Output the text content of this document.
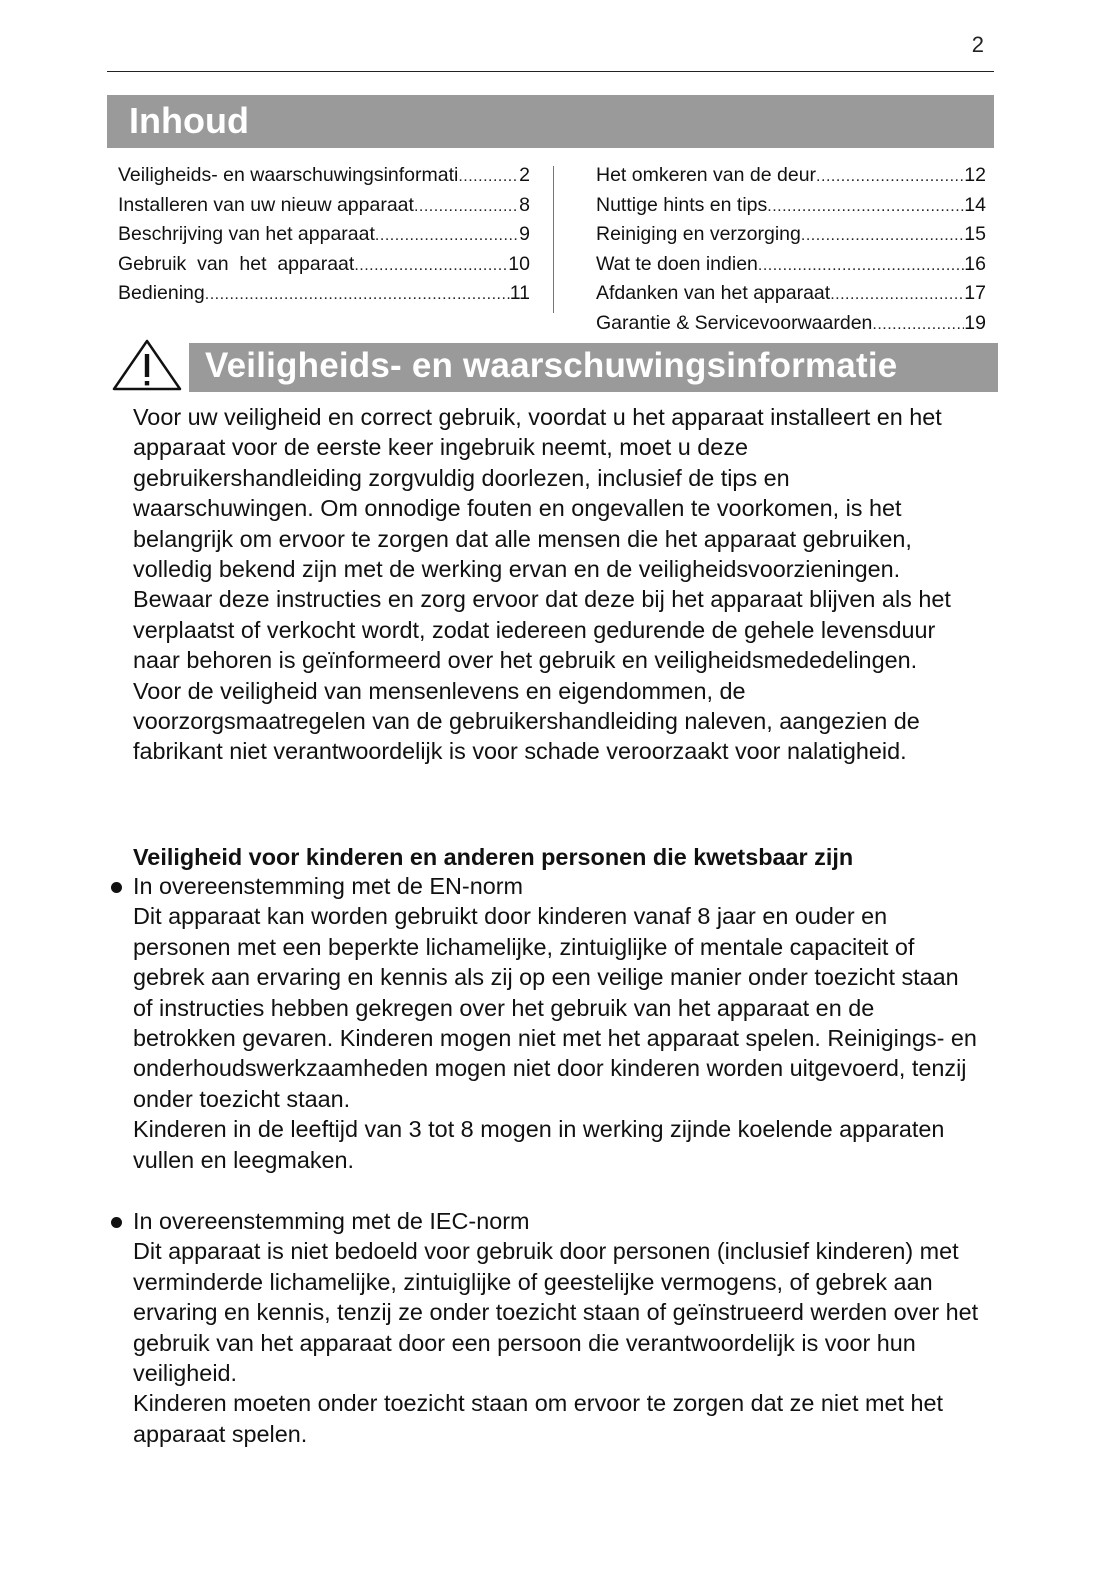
2
Inhoud
Veiligheids- en waarschuwingsinformati .....	2
Installeren van uw nieuw apparaat .....	8
Beschrijving van het apparaat .....	9
Gebruik  van  het  apparaat .....	10
Bediening .....	11
Het omkeren van de deur .....	12
Nuttige hints en tips .....	14
Reiniging en verzorging .....	15
Wat te doen indien .....	16
Afdanken van het apparaat .....	17
Garantie & Servicevoorwaarden .....	19
Veiligheids- en waarschuwingsinformatie

Voor uw veiligheid en correct gebruik, voordat u het apparaat installeert en het apparaat voor de eerste keer ingebruik neemt, moet u deze gebruikershandleiding zorgvuldig doorlezen, inclusief de tips en waarschuwingen. Om onnodige fouten en ongevallen te voorkomen, is het belangrijk om ervoor te zorgen dat alle mensen die het apparaat gebruiken, volledig bekend zijn met de werking ervan en de veiligheidsvoorzieningen. Bewaar deze instructies en zorg ervoor dat deze bij het apparaat blijven als het verplaatst of verkocht wordt, zodat iedereen gedurende de gehele levensduur naar behoren is geïnformeerd over het gebruik en veiligheidsmededelingen.

Voor de veiligheid van mensenlevens en eigendommen, de voorzorgsmaatregelen van de gebruikershandleiding naleven, aangezien de fabrikant niet verantwoordelijk is voor schade veroorzaakt voor nalatigheid.

Veiligheid voor kinderen en anderen personen die kwetsbaar zijn

In overeenstemming met de EN-norm

Dit apparaat kan worden gebruikt door kinderen vanaf 8 jaar en ouder en personen met een beperkte lichamelijke, zintuiglijke of mentale capaciteit of gebrek aan ervaring en kennis als zij op een veilige manier onder toezicht staan of instructies hebben gekregen over het gebruik van het apparaat en de betrokken gevaren. Kinderen mogen niet met het apparaat spelen. Reinigings- en onderhoudswerkzaamheden mogen niet door kinderen worden uitgevoerd, tenzij onder toezicht staan.

Kinderen in de leeftijd van 3 tot 8 mogen in werking zijnde koelende apparaten vullen en leegmaken.

In overeenstemming met de IEC-norm

Dit apparaat is niet bedoeld voor gebruik door personen (inclusief kinderen) met verminderde lichamelijke, zintuiglijke of geestelijke vermogens, of gebrek aan ervaring en kennis, tenzij ze onder toezicht staan of geïnstrueerd werden over het gebruik van het apparaat door een persoon die verantwoordelijk is voor hun veiligheid.

Kinderen moeten onder toezicht staan om ervoor te zorgen dat ze niet met het apparaat spelen.
